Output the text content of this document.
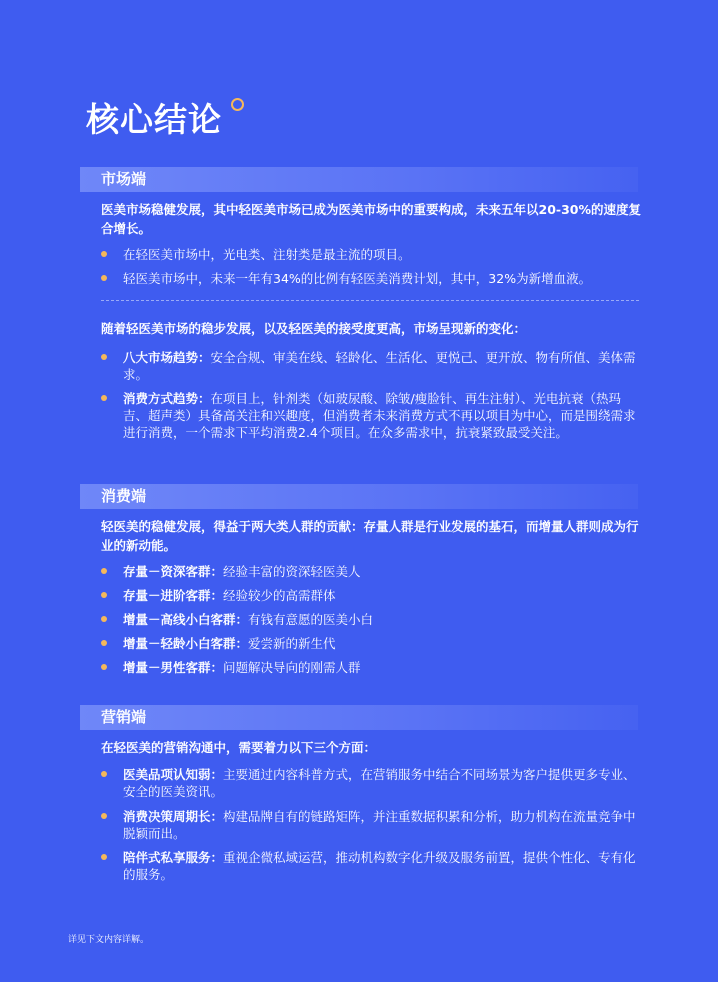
核心结论
市场端

医美市场稳健发展，其中轻医美市场已成为医美市场中的重要构成，未来五年以20-30%的速度复合增长。

在轻医美市场中，光电类、注射类是最主流的项目。
轻医美市场中，未来一年有34%的比例有轻医美消费计划，其中，32%为新增血液。

随着轻医美市场的稳步发展，以及轻医美的接受度更高，市场呈现新的变化：

八大市场趋势：安全合规、审美在线、轻龄化、生活化、更悦己、更开放、物有所值、美体需求。
消费方式趋势：在项目上，针剂类（如玻尿酸、除皱/瘦脸针、再生注射）、光电抗衰（热玛吉、超声类）具备高关注和兴趣度，但消费者未来消费方式不再以项目为中心，而是围绕需求进行消费，一个需求下平均消费2.4个项目。在众多需求中，抗衰紧致最受关注。
消费端

轻医美的稳健发展，得益于两大类人群的贡献：存量人群是行业发展的基石，而增量人群则成为行业的新动能。

存量－资深客群：经验丰富的资深轻医美人
存量－进阶客群：经验较少的高需群体
增量－高线小白客群：有钱有意愿的医美小白
增量－轻龄小白客群：爱尝新的新生代
增量－男性客群：问题解决导向的刚需人群
营销端

在轻医美的营销沟通中，需要着力以下三个方面：

医美品项认知弱：主要通过内容科普方式，在营销服务中结合不同场景为客户提供更多专业、安全的医美资讯。
消费决策周期长：构建品牌自有的链路矩阵，并注重数据积累和分析，助力机构在流量竞争中脱颖而出。
陪伴式私享服务：重视企微私域运营，推动机构数字化升级及服务前置，提供个性化、专有化的服务。
详见下文内容详解。
